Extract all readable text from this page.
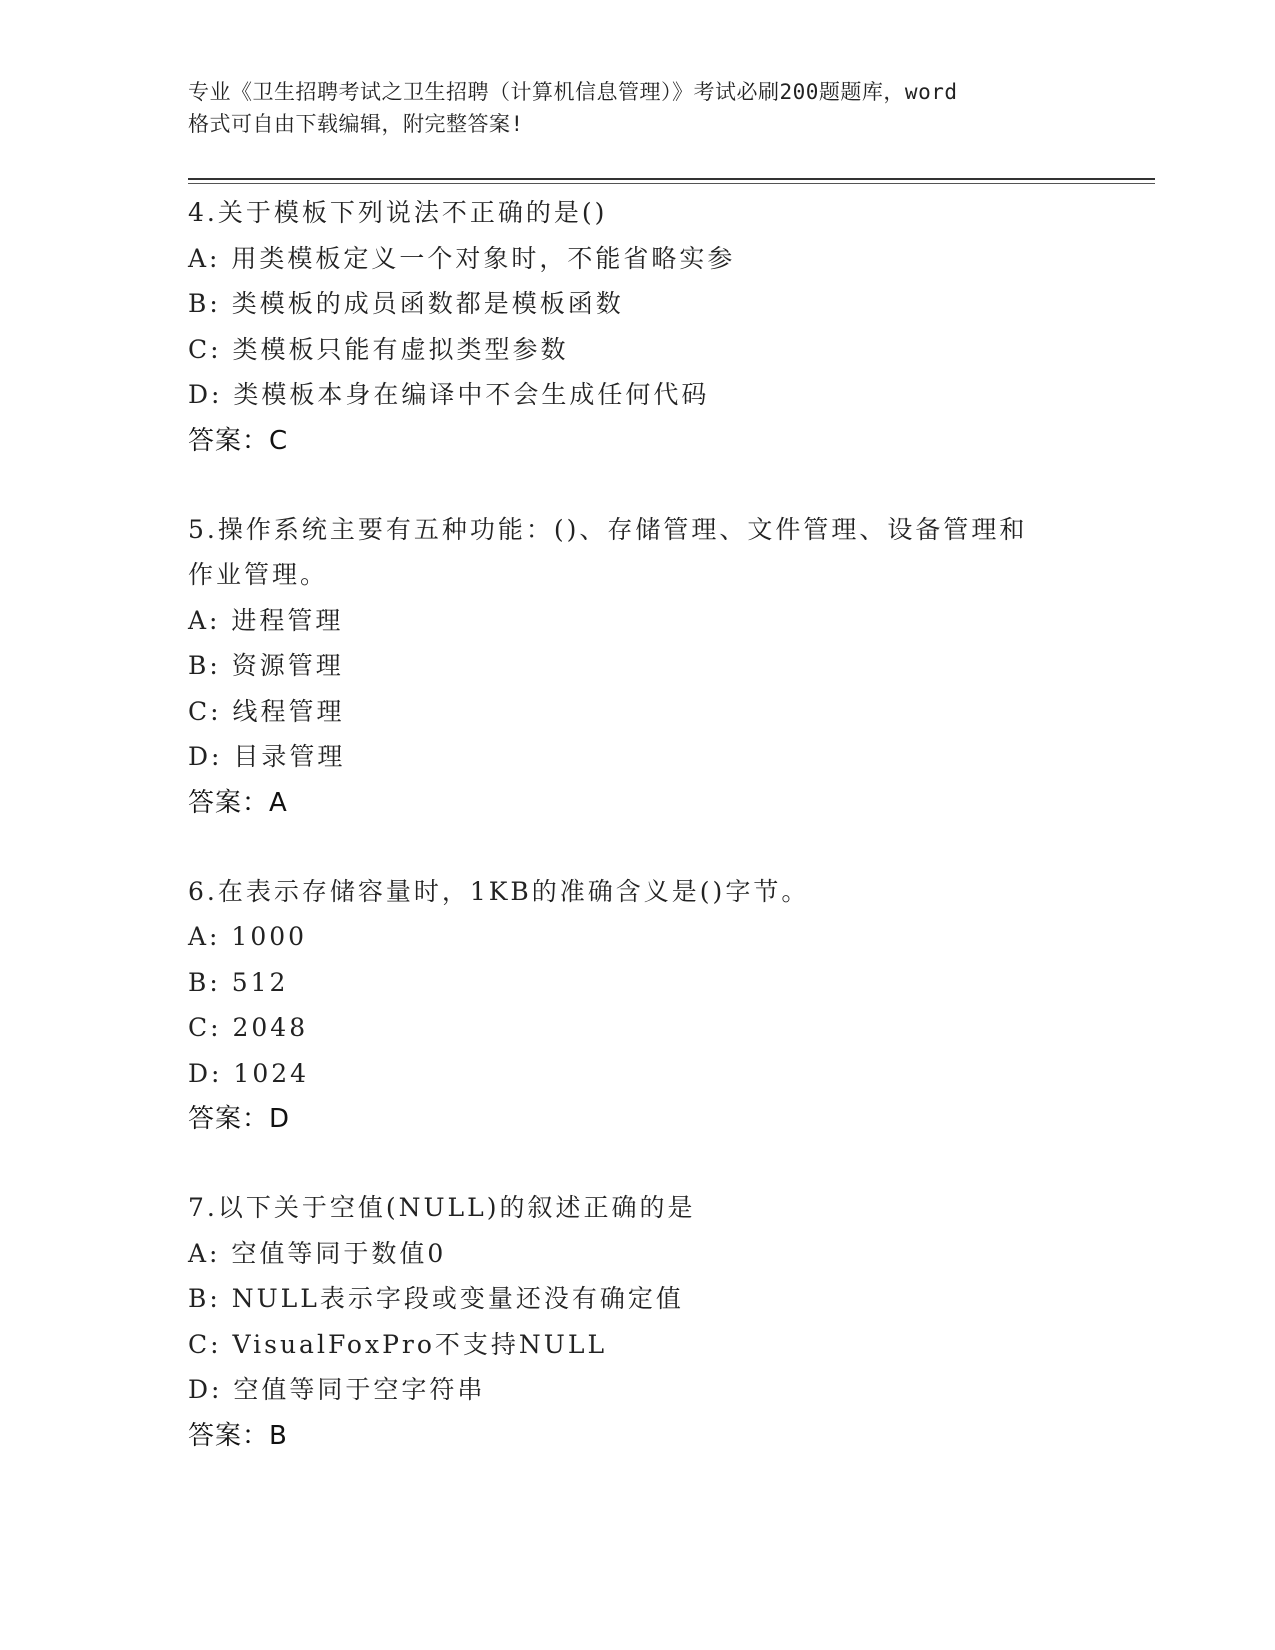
专业《卫生招聘考试之卫生招聘（计算机信息管理）》考试必刷200题题库，word
格式可自由下载编辑，附完整答案!
4.关于模板下列说法不正确的是()
A: 用类模板定义一个对象时，不能省略实参
B: 类模板的成员函数都是模板函数
C: 类模板只能有虚拟类型参数
D: 类模板本身在编译中不会生成任何代码
答案：C
5.操作系统主要有五种功能：()、存储管理、文件管理、设备管理和
作业管理。
A: 进程管理
B: 资源管理
C: 线程管理
D: 目录管理
答案：A
6.在表示存储容量时，1KB的准确含义是()字节。
A: 1000
B: 512
C: 2048
D: 1024
答案：D
7.以下关于空值(NULL)的叙述正确的是
A: 空值等同于数值0
B: NULL表示字段或变量还没有确定值
C: VisualFoxPro不支持NULL
D: 空值等同于空字符串
答案：B
